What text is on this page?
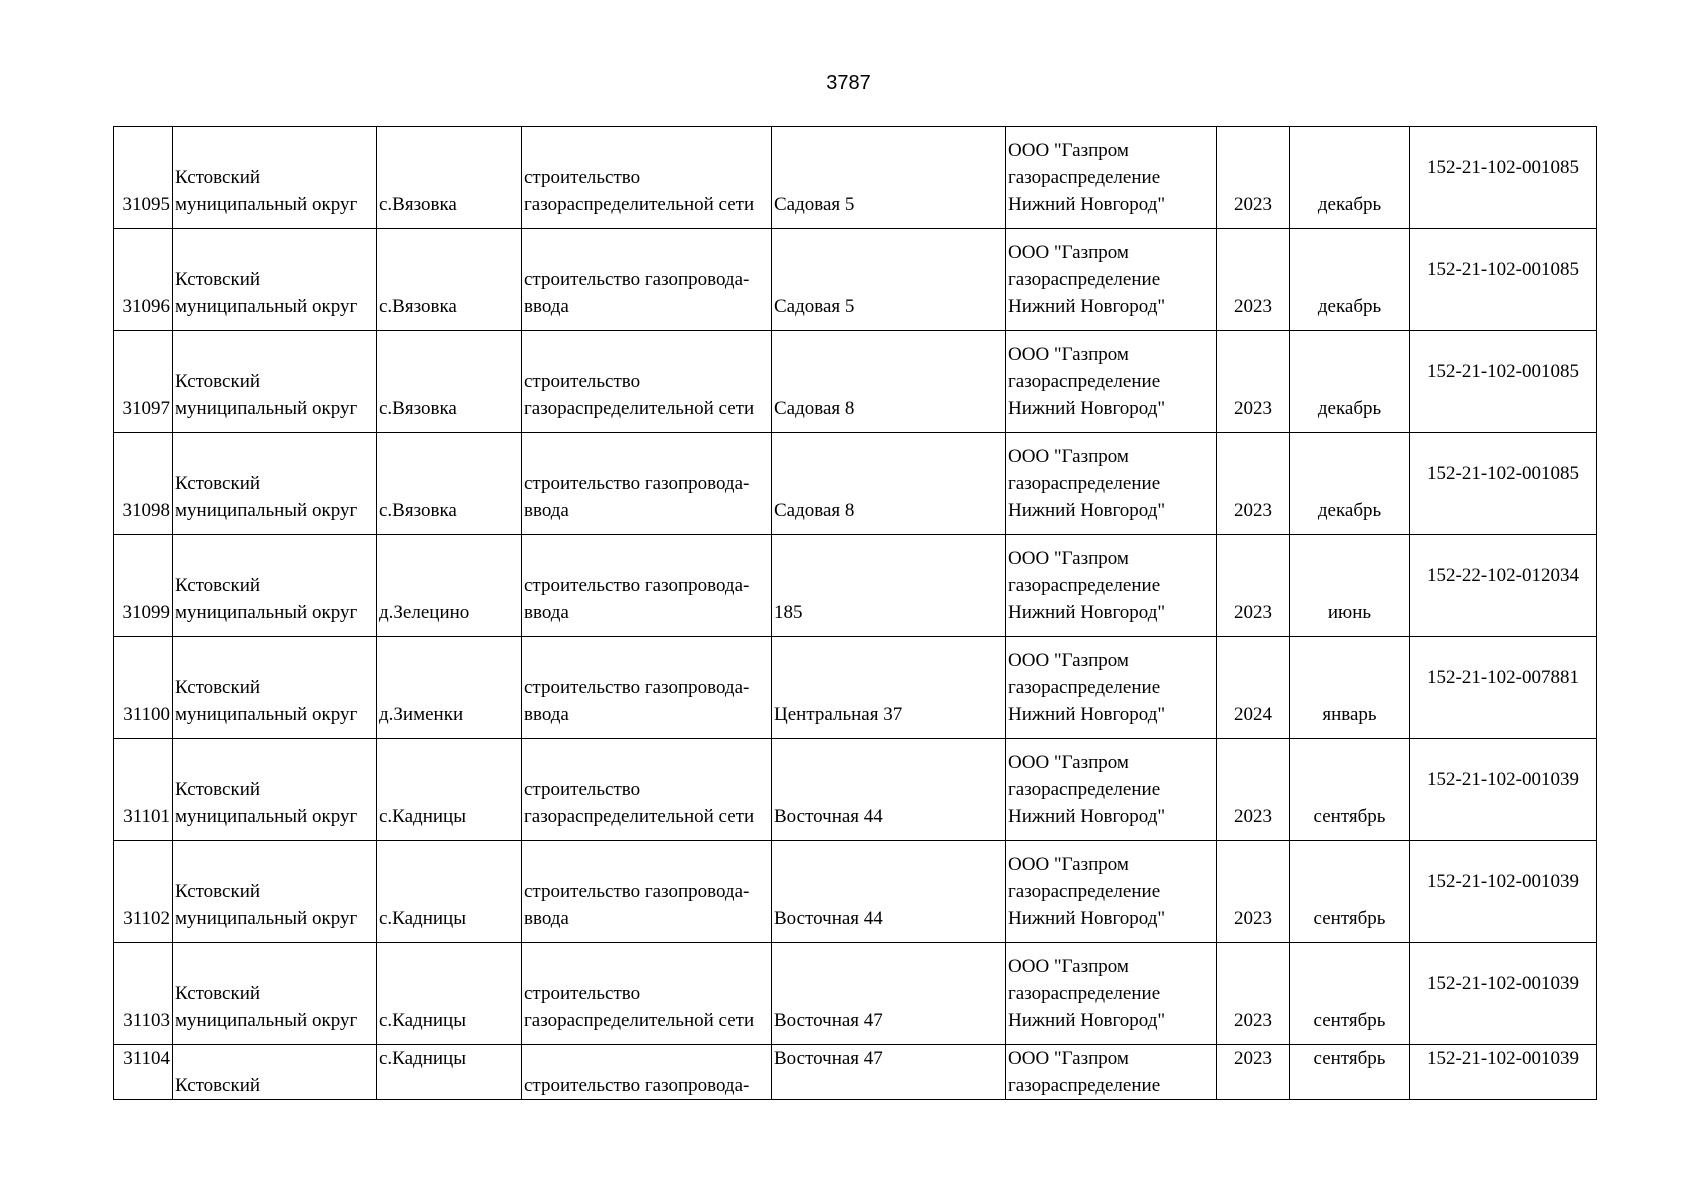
3787
31095	Кстовский муниципальный округ	с.Вязовка	строительство газораспределительной сети	Садовая 5	ООО "Газпром газораспределение Нижний Новгород"	2023	декабрь	152-21-102-001085

31096	Кстовский муниципальный округ	с.Вязовка	строительство газопровода-ввода	Садовая 5	ООО "Газпром газораспределение Нижний Новгород"	2023	декабрь	152-21-102-001085

31097	Кстовский муниципальный округ	с.Вязовка	строительство газораспределительной сети	Садовая 8	ООО "Газпром газораспределение Нижний Новгород"	2023	декабрь	152-21-102-001085

31098	Кстовский муниципальный округ	с.Вязовка	строительство газопровода-ввода	Садовая 8	ООО "Газпром газораспределение Нижний Новгород"	2023	декабрь	152-21-102-001085

31099	Кстовский муниципальный округ	д.Зелецино	строительство газопровода-ввода	185	ООО "Газпром газораспределение Нижний Новгород"	2023	июнь	152-22-102-012034

31100	Кстовский муниципальный округ	д.Зименки	строительство газопровода-ввода	Центральная 37	ООО "Газпром газораспределение Нижний Новгород"	2024	январь	152-21-102-007881

31101	Кстовский муниципальный округ	с.Кадницы	строительство газораспределительной сети	Восточная 44	ООО "Газпром газораспределение Нижний Новгород"	2023	сентябрь	152-21-102-001039

31102	Кстовский муниципальный округ	с.Кадницы	строительство газопровода-ввода	Восточная 44	ООО "Газпром газораспределение Нижний Новгород"	2023	сентябрь	152-21-102-001039

31103	Кстовский муниципальный округ	с.Кадницы	строительство газораспределительной сети	Восточная 47	ООО "Газпром газораспределение Нижний Новгород"	2023	сентябрь	152-21-102-001039

31104	Кстовский	с.Кадницы	строительство газопровода-	Восточная 47	ООО "Газпром газораспределение	2023	сентябрь	152-21-102-001039
